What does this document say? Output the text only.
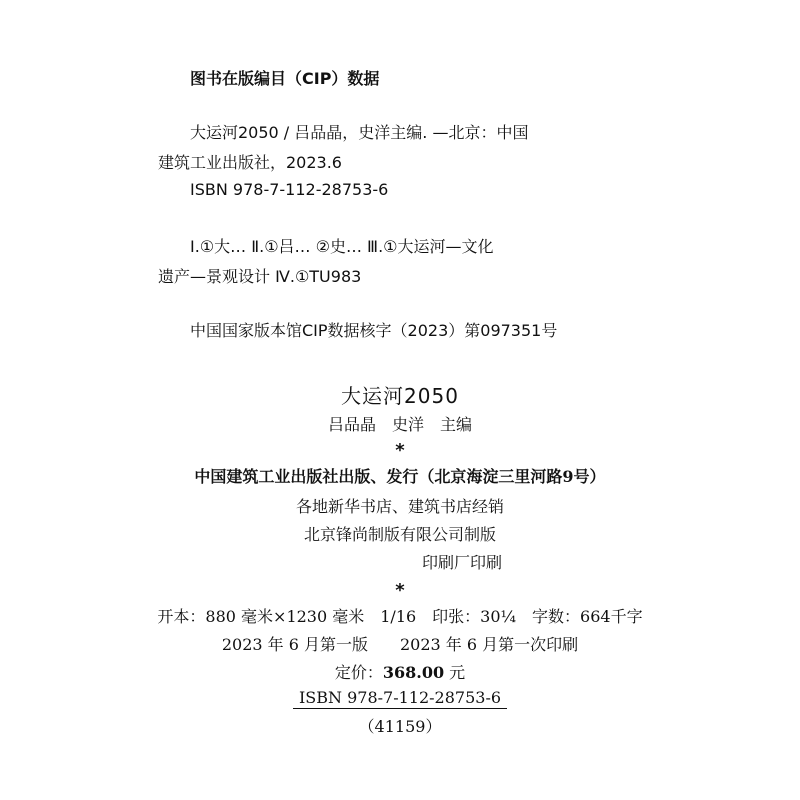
图书在版编目（CIP）数据
大运河2050 / 吕品晶，史洋主编. —北京：中国
建筑工业出版社，2023.6
ISBN 978-7-112-28753-6
Ⅰ.①大… Ⅱ.①吕… ②史… Ⅲ.①大运河—文化
遗产—景观设计 Ⅳ.①TU983
中国国家版本馆CIP数据核字（2023）第097351号
大运河2050
吕品晶　史洋　主编
*
中国建筑工业出版社出版、发行（北京海淀三里河路9号）
各地新华书店、建筑书店经销
北京锋尚制版有限公司制版
印刷厂印刷
*
开本：880 毫米×1230 毫米　1/16　印张：30¼　字数：664千字
2023 年 6 月第一版　　2023 年 6 月第一次印刷
定价：368.00 元
ISBN 978-7-112-28753-6
（41159）
